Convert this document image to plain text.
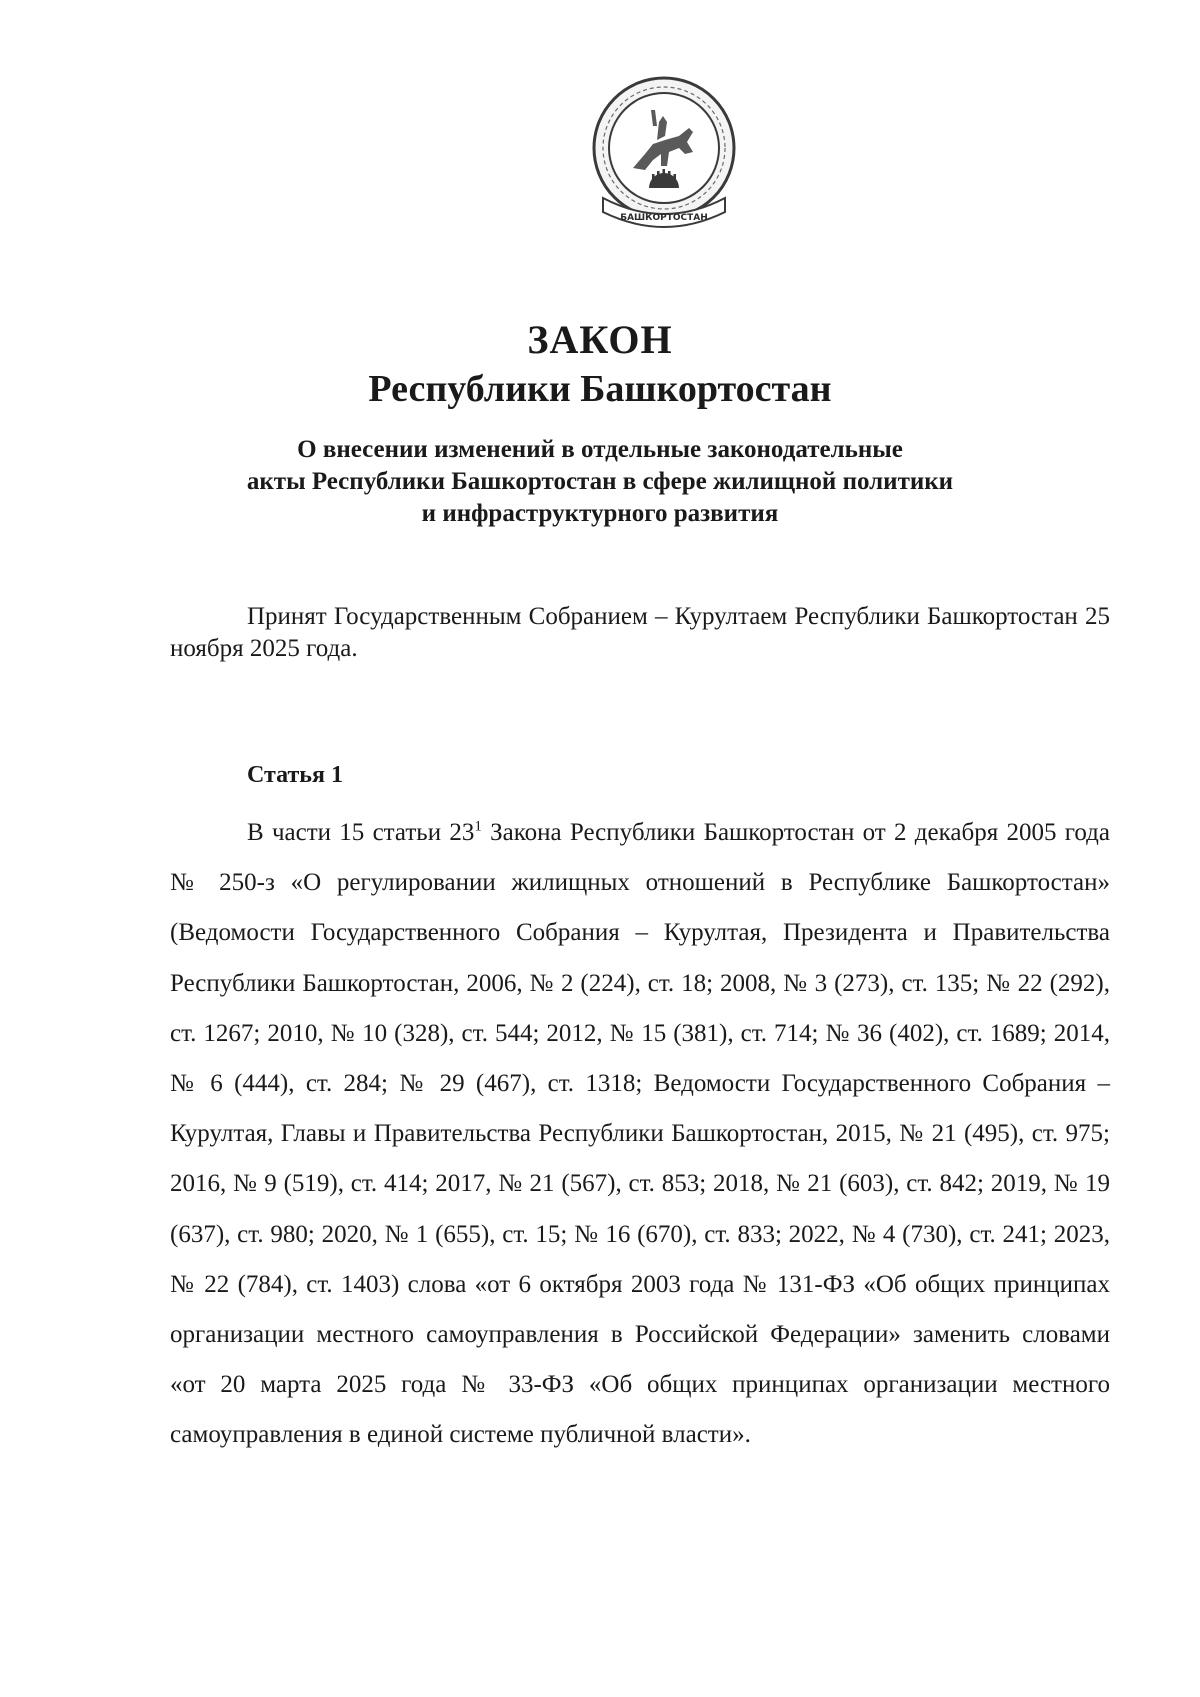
БАШКОРТОСТАН
ЗАКОН
Республики Башкортостан
О внесении изменений в отдельные законодательные
акты Республики Башкортостан в сфере жилищной политики
и инфраструктурного развития
Принят Государственным Собранием – Курултаем Республики Башкортостан 25 ноября 2025 года.
Статья 1
В части 15 статьи $23^1$ Закона Республики Башкортостан от 2 декабря 2005 года № 250-з «О регулировании жилищных отношений в Республике Башкортостан» (Ведомости Государственного Собрания – Курултая, Президента и Правительства Республики Башкортостан, 2006, № 2 (224), ст. 18; 2008, № 3 (273), ст. 135; № 22 (292), ст. 1267; 2010, № 10 (328), ст. 544; 2012, № 15 (381), ст. 714; № 36 (402), ст. 1689; 2014, № 6 (444), ст. 284; № 29 (467), ст. 1318; Ведомости Государственного Собрания – Курултая, Главы и Правительства Республики Башкортостан, 2015, № 21 (495), ст. 975; 2016, № 9 (519), ст. 414; 2017, № 21 (567), ст. 853; 2018, № 21 (603), ст. 842; 2019, № 19 (637), ст. 980; 2020, № 1 (655), ст. 15; № 16 (670), ст. 833; 2022, № 4 (730), ст. 241; 2023, № 22 (784), ст. 1403) слова «от 6 октября 2003 года № 131-ФЗ «Об общих принципах организации местного самоуправления в Российской Федерации» заменить словами «от 20 марта 2025 года № 33-ФЗ «Об общих принципах организации местного самоуправления в единой системе публичной власти».
